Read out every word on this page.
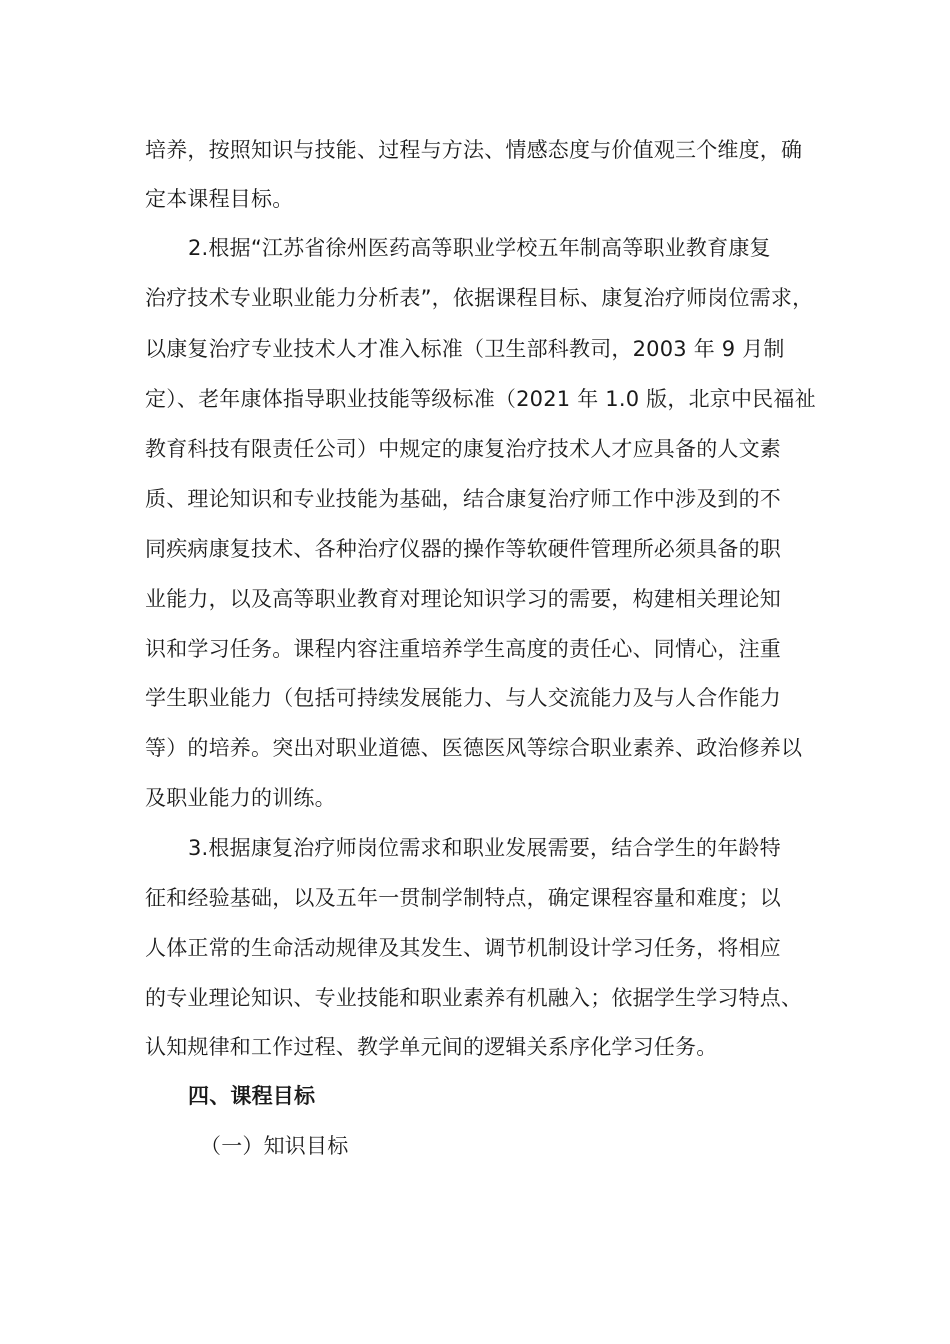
培养，按照知识与技能、过程与方法、情感态度与价值观三个维度，确
定本课程目标。
2.根据“江苏省徐州医药高等职业学校五年制高等职业教育康复
治疗技术专业职业能力分析表”，依据课程目标、康复治疗师岗位需求，
以康复治疗专业技术人才准入标准（卫生部科教司，2003 年 9 月制
定）、老年康体指导职业技能等级标准（2021 年 1.0 版，北京中民福祉
教育科技有限责任公司）中规定的康复治疗技术人才应具备的人文素
质、理论知识和专业技能为基础，结合康复治疗师工作中涉及到的不
同疾病康复技术、各种治疗仪器的操作等软硬件管理所必须具备的职
业能力，以及高等职业教育对理论知识学习的需要，构建相关理论知
识和学习任务。课程内容注重培养学生高度的责任心、同情心，注重
学生职业能力（包括可持续发展能力、与人交流能力及与人合作能力
等）的培养。突出对职业道德、医德医风等综合职业素养、政治修养以
及职业能力的训练。
3.根据康复治疗师岗位需求和职业发展需要，结合学生的年龄特
征和经验基础，以及五年一贯制学制特点，确定课程容量和难度；以
人体正常的生命活动规律及其发生、调节机制设计学习任务，将相应
的专业理论知识、专业技能和职业素养有机融入；依据学生学习特点、
认知规律和工作过程、教学单元间的逻辑关系序化学习任务。
四、课程目标
（一）知识目标
